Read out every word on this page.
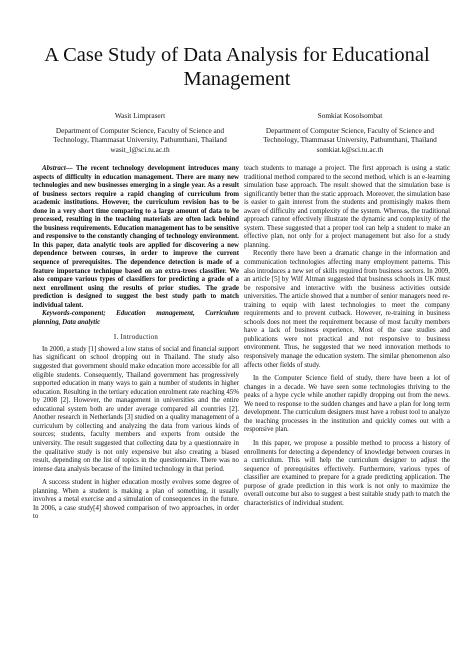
A Case Study of Data Analysis for Educational Management
Wasit Limprasert
Department of Computer Science, Faculty of Science and
Technology, Thammasat University, Pathumthani, Thailand
wasit_l@sci.tu.ac.th
Somkiat Kosolsombat
Department of Computer Science, Faculty of Science and
Technology, Thammasat University, Pathumthani, Thailand
somkiat.k@sci.tu.ac.th

Abstract— The recent technology development introduces many aspects of difficulty in education management. There are many new technologies and new businesses emerging in a single year. As a result of business sectors require a rapid changing of curriculum from academic institutions. However, the curriculum revision has to be done in a very short time comparing to a large amount of data to be processed, resulting in the teaching materials are often lack behind the business requirements. Education management has to be sensitive and responsive to the constantly changing of technology environment. In this paper, data analytic tools are applied for discovering a new dependence between courses, in order to improve the current sequence of prerequisites. The dependence detection is made of a feature importance technique based on an extra-trees classifier. We also compare various types of classifiers for predicting a grade of a next enrollment using the results of prior studies. The grade prediction is designed to suggest the best study path to match individual talent.

Keywords-component; Education management, Curriculum planning, Data analytic

I. Introduction

In 2000, a study [1] showed a low status of social and financial support has significant on school dropping out in Thailand. The study also suggested that government should make education more accessible for all eligible students. Consequently, Thailand government has progressively supported education in many ways to gain a number of students in higher education. Resulting in the tertiary education enrolment rate reaching 45% by 2008 [2]. However, the management in universities and the entire educational system both are under average compared all countries [2]. Another research in Netherlands [3] studied on a quality management of a curriculum by collecting and analyzing the data from various kinds of sources; students, faculty members and experts from outside the university. The result suggested that collecting data by a questionnaire in the qualitative study is not only expensive but also creating a biased result, depending on the list of topics in the questionnaire. There was no intense data analysis because of the limited technology in that period.

A success student in higher education mostly evolves some degree of planning. When a student is making a plan of something, it usually involves a metal exercise and a simulation of consequences in the future. In 2006, a case study[4] showed comparison of two approaches, in order to

teach students to manage a project. The first approach is using a static traditional method compared to the second method, which is an e-learning simulation base approach. The result showed that the simulation base is significantly better than the static approach. Moreover, the simulation base is easier to gain interest from the students and promisingly makes them aware of difficulty and complexity of the system. Whereas, the traditional approach cannot effectively illustrate the dynamic and complexity of the system. These suggested that a proper tool can help a student to make an effective plan, not only for a project management but also for a study planning.

Recently there have been a dramatic change in the information and communication technologies affecting many employment patterns. This also introduces a new set of skills required from business sectors. In 2009, an article [5] by Wilf Altman suggested that business schools in UK must be responsive and interactive with the business activities outside universities. The article showed that a number of senior managers need re-training to equip with latest technologies to meet the company requirements and to prevent cutback. However, re-training in business schools does not meet the requirement because of most faculty members have a lack of business experience. Most of the case studies and publications were not practical and not responsive to business environment. Thus, he suggested that we need innovation methods to responsively manage the education system. The similar phenomenon also affects other fields of study.

In the Computer Science field of study, there have been a lot of changes in a decade. We have seen some technologies thriving to the peaks of a hype cycle while another rapidly dropping out from the news. We need to response to the sudden changes and have a plan for long term development. The curriculum designers must have a robust tool to analyze the teaching processes in the institution and quickly comes out with a responsive plan.

In this paper, we propose a possible method to process a history of enrollments for detecting a dependency of knowledge between courses in a curriculum. This will help the curriculum designer to adjust the sequence of prerequisites effectively. Furthermore, various types of classifier are examined to prepare for a grade predicting application. The purpose of grade prediction in this work is not only to maximize the overall outcome but also to suggest a best suitable study path to match the characteristics of individual student.
